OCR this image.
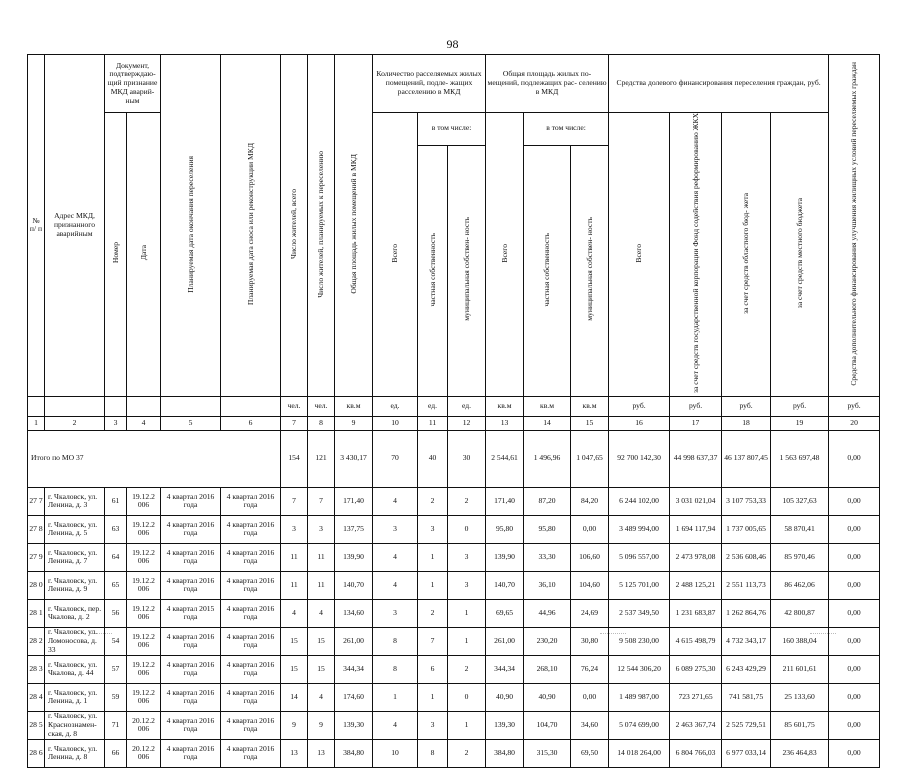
98
№ п/ п	Адрес МКД, признанного аварийным	Документ, подтверждаю- щий признание МКД аварий- ным		Планируемая дата окончания переселения	Планируемая дата сноса или реконструкции МКД	Число жителей, всего	Число жителей, планируемых к переселению	Общая площадь жилых помещений в МКД	Количество расселяемых жилых помещений, подле- жащих расселению в МКД			Общая площадь жилых по- мещений, подлежащих рас- селению в МКД			Средства долевого финансирования переселения граждан, руб.				Средства дополнительного финансирования улучшения жилищных условий переселяемых граждан
		Номер	Дата						Всего	в том числе:		Всего	в том числе:		Всего	за счет средств государственной корпорации Фонд содействия реформированию ЖКХ	за счет средств областного бюд- жета	за счет средств местного бюджета	
										частная собственность	муниципальная собствен- ность		частная собственность	муниципальная собствен- ность					
						чел.	чел.	кв.м	ед.	ед.	ед.	кв.м	кв.м	кв.м	руб.	руб.	руб.	руб.	руб.
1	2	3	4	5	6	7	8	9	10	11	12	13	14	15	16	17	18	19	20
Итого по МО 37						154	121	3 430,17	70	40	30	2 544,61	1 496,96	1 047,65	92 700 142,30	44 998 637,37	46 137 807,45	1 563 697,48	0,00
27 7	г. Чкаловск, ул. Ленина, д. 3	61	19.12.2 006	4 квартал 2016 года	4 квартал 2016 года	7	7	171,40	4	2	2	171,40	87,20	84,20	6 244 102,00	3 031 021,04	3 107 753,33	105 327,63	0,00
27 8	г. Чкаловск, ул. Ленина, д. 5	63	19.12.2 006	4 квартал 2016 года	4 квартал 2016 года	3	3	137,75	3	3	0	95,80	95,80	0,00	3 489 994,00	1 694 117,94	1 737 005,65	58 870,41	0,00
27 9	г. Чкаловск, ул. Ленина, д. 7	64	19.12.2 006	4 квартал 2016 года	4 квартал 2016 года	11	11	139,90	4	1	3	139,90	33,30	106,60	5 096 557,00	2 473 978,08	2 536 608,46	85 970,46	0,00
28 0	г. Чкаловск, ул. Ленина, д. 9	65	19.12.2 006	4 квартал 2016 года	4 квартал 2016 года	11	11	140,70	4	1	3	140,70	36,10	104,60	5 125 701,00	2 488 125,21	2 551 113,73	86 462,06	0,00
28 1	г. Чкаловск, пер. Чкалова, д. 2	56	19.12.2 006	4 квартал 2015 года	4 квартал 2016 года	4	4	134,60	3	2	1	69,65	44,96	24,69	2 537 349,50	1 231 683,87	1 262 864,76	42 800,87	0,00
28 2	г. Чкаловск, ул. Ломоносова, д. 33	54	19.12.2 006	4 квартал 2016 года	4 квартал 2016 года	15	15	261,00	8	7	1	261,00	230,20	30,80	9 508 230,00	4 615 498,79	4 732 343,17	160 388,04	0,00
28 3	г. Чкаловск, ул. Чкалова, д. 44	57	19.12.2 006	4 квартал 2016 года	4 квартал 2016 года	15	15	344,34	8	6	2	344,34	268,10	76,24	12 544 306,20	6 089 275,30	6 243 429,29	211 601,61	0,00
28 4	г. Чкаловск, ул. Ленина, д. 1	59	19.12.2 006	4 квартал 2016 года	4 квартал 2016 года	14	4	174,60	1	1	0	40,90	40,90	0,00	1 489 987,00	723 271,65	741 581,75	25 133,60	0,00
28 5	г. Чкаловск, ул. Краснознамен- ская, д. 8	71	20.12.2 006	4 квартал 2016 года	4 квартал 2016 года	9	9	139,30	4	3	1	139,30	104,70	34,60	5 074 699,00	2 463 367,74	2 525 729,51	85 601,75	0,00
28 6	г. Чкаловск, ул. Ленина, д. 8	66	20.12.2 006	4 квартал 2016 года	4 квартал 2016 года	13	13	384,80	10	8	2	384,80	315,30	69,50	14 018 264,00	6 804 766,03	6 977 033,14	236 464,83	0,00
